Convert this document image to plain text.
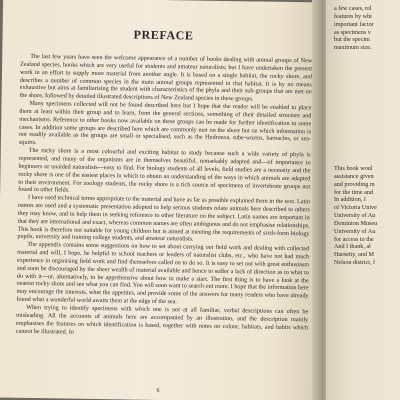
PREFACE

The last few years have seen the welcome appearance of a number of books dealing with animal groups of New Zealand species, books which are very useful for students and amateur naturalists; but I have undertaken the present work in an effort to supply more material from another angle. It is based on a single habitat, the rocky shore, and describes a number of common species in the main animal groups represented in that habitat. It is by no means exhaustive but aims at familiarising the student with characteristics of the phyla and their sub-groups that are met on the shore, followed by detailed illustrated descriptions of New Zealand species in these groups.

Many specimens collected will not be found described here but I hope that the reader will be enabled to place them at least within their group and to learn, from the general sections, something of their detailed structure and mechanisms. Reference to other books now available on these groups can be made for further identification in some cases. In addition some groups are described here which are commonly met on the shore but on which information is not readily available as the groups are small or specialised, such as the Hydrozoa, tube-worms, barnacles, or sea-squirts.

The rocky shore is a most colourful and exciting habitat to study because such a wide variety of phyla is represented, and many of the organisms are in themselves beautiful, remarkably adapted and—of importance to beginners or unaided naturalists—easy to find. For biology students of all levels, field studies are a necessity and the rocky shore is one of the easiest places in which to obtain an understanding of the ways in which animals are adapted to their environment. For zoology students, the rocky shore is a rich source of specimens of invertebrate groups not found in other fields.

I have used technical terms appropriate to the material and have as far as possible explained them in the text. Latin names are used and a systematic presentation adopted to help serious students relate animals here described to others they may know, and to help them in seeking reference to other literature on the subject. Latin names are important in that they are international and exact, whereas common names are often ambiguous and do not emphasise relationships. This book is therefore not suitable for young children but is aimed at meeting the requirements of sixth-form biology pupils, university and training college students, and amateur naturalists.

The appendix contains some suggestions on how to set about carrying out field work and dealing with collected material and will, I hope, be helpful to school teachers or leaders of naturalist clubs, etc., who have not had much experience in organising field work and find themselves called on to do so. It is easy to set out with great enthusiasm and soon be discouraged by the sheer wealth of material available and hence to suffer a lack of direction as to what to do with it—or, alternatively, to be apprehensive about how to make a start. The first thing is to have a look at the nearest rocky shore and see what you can find. You will soon want to search out more. I hope that the information here may encourage the interests, whet the appetites, and provide some of the answers for many readers who have already found what a wonderful world awaits them at the edge of the sea.

When trying to identify specimens with which one is not at all familiar, verbal descriptions can often be misleading. All the accounts of animals here are accompanied by an illustration, and the description mainly emphasises the features on which identification is based, together with notes on colour, habitats, and habits which cannot be illustrated. In

6
a few cases, rel
features by whi
important factor
as specimens v
but the specim
maximum size.
This book woul
assistance given
and providing m
for the time and
In addition, I
of Victoria Unive
University of Au
Dominion Museu
University of Au
for access to the
And I thank, al
Harnetty, and M
Nelson district, f
